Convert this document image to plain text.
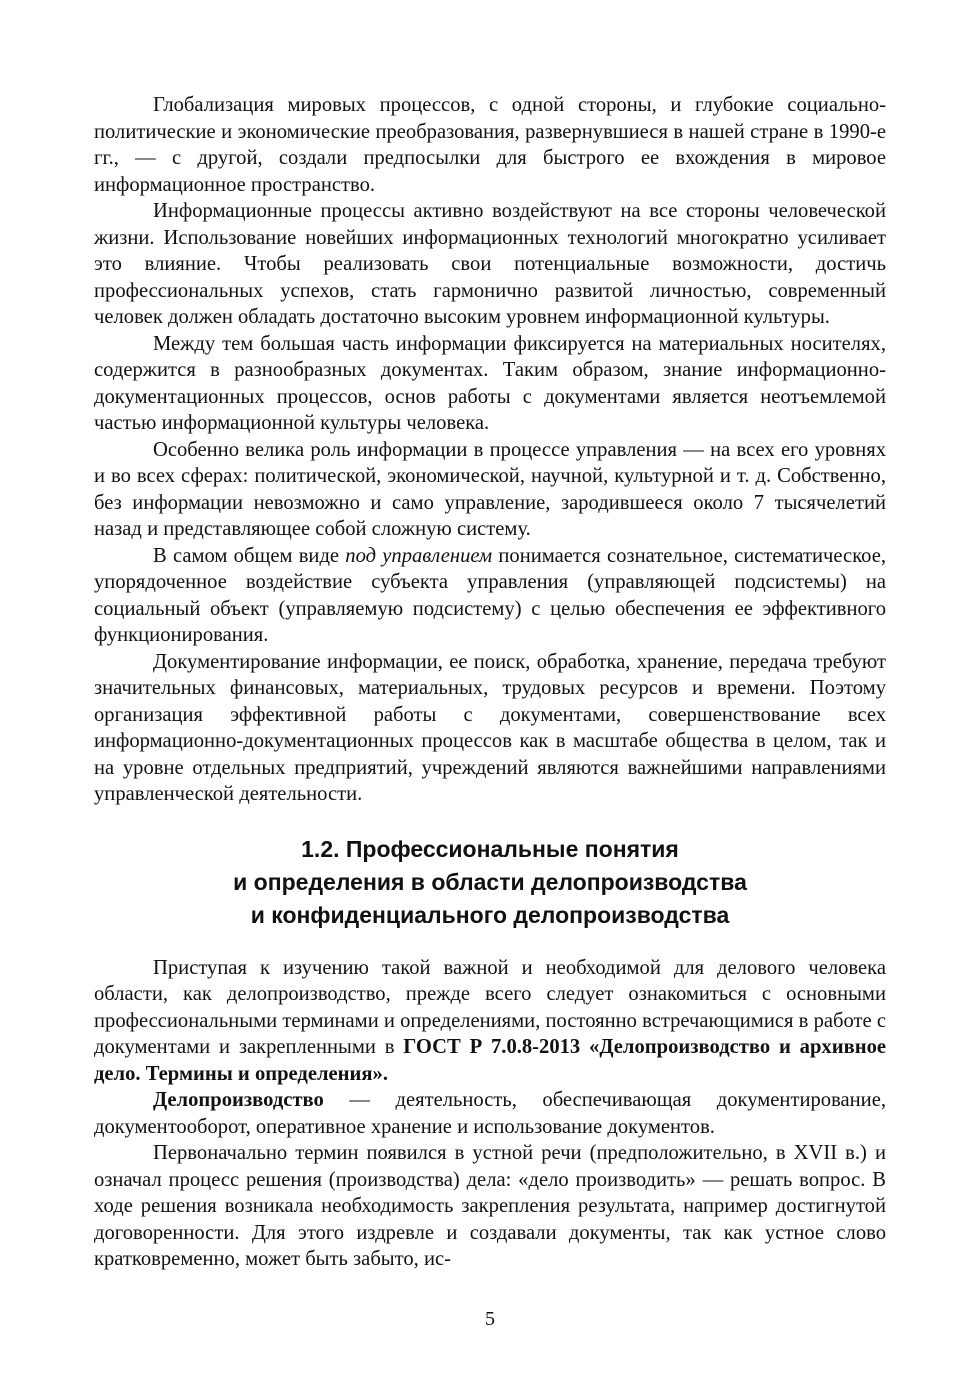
Глобализация мировых процессов, с одной стороны, и глубокие социально-политические и экономические преобразования, развернувшиеся в нашей стране в 1990-е гг., — с другой, создали предпосылки для быстрого ее вхождения в мировое информационное пространство.

Информационные процессы активно воздействуют на все стороны человеческой жизни. Использование новейших информационных технологий многократно усиливает это влияние. Чтобы реализовать свои потенциальные возможности, достичь профессиональных успехов, стать гармонично развитой личностью, современный человек должен обладать достаточно высоким уровнем информационной культуры.

Между тем большая часть информации фиксируется на материальных носителях, содержится в разнообразных документах. Таким образом, знание информационно-документационных процессов, основ работы с документами является неотъемлемой частью информационной культуры человека.

Особенно велика роль информации в процессе управления — на всех его уровнях и во всех сферах: политической, экономической, научной, культурной и т. д. Собственно, без информации невозможно и само управление, зародившееся около 7 тысячелетий назад и представляющее собой сложную систему.

В самом общем виде под управлением понимается сознательное, систематическое, упорядоченное воздействие субъекта управления (управляющей подсистемы) на социальный объект (управляемую подсистему) с целью обеспечения ее эффективного функционирования.

Документирование информации, ее поиск, обработка, хранение, передача требуют значительных финансовых, материальных, трудовых ресурсов и времени. Поэтому организация эффективной работы с документами, совершенствование всех информационно-документационных процессов как в масштабе общества в целом, так и на уровне отдельных предприятий, учреждений являются важнейшими направлениями управленческой деятельности.

1.2. Профессиональные понятия
и определения в области делопроизводства
и конфиденциального делопроизводства

Приступая к изучению такой важной и необходимой для делового человека области, как делопроизводство, прежде всего следует ознакомиться с основными профессиональными терминами и определениями, постоянно встречающимися в работе с документами и закрепленными в ГОСТ Р 7.0.8-2013 «Делопроизводство и архивное дело. Термины и определения».

Делопроизводство — деятельность, обеспечивающая документирование, документооборот, оперативное хранение и использование документов.

Первоначально термин появился в устной речи (предположительно, в XVII в.) и означал процесс решения (производства) дела: «дело производить» — решать вопрос. В ходе решения возникала необходимость закрепления результата, например достигнутой договоренности. Для этого издревле и создавали документы, так как устное слово кратковременно, может быть забыто, ис-

5
